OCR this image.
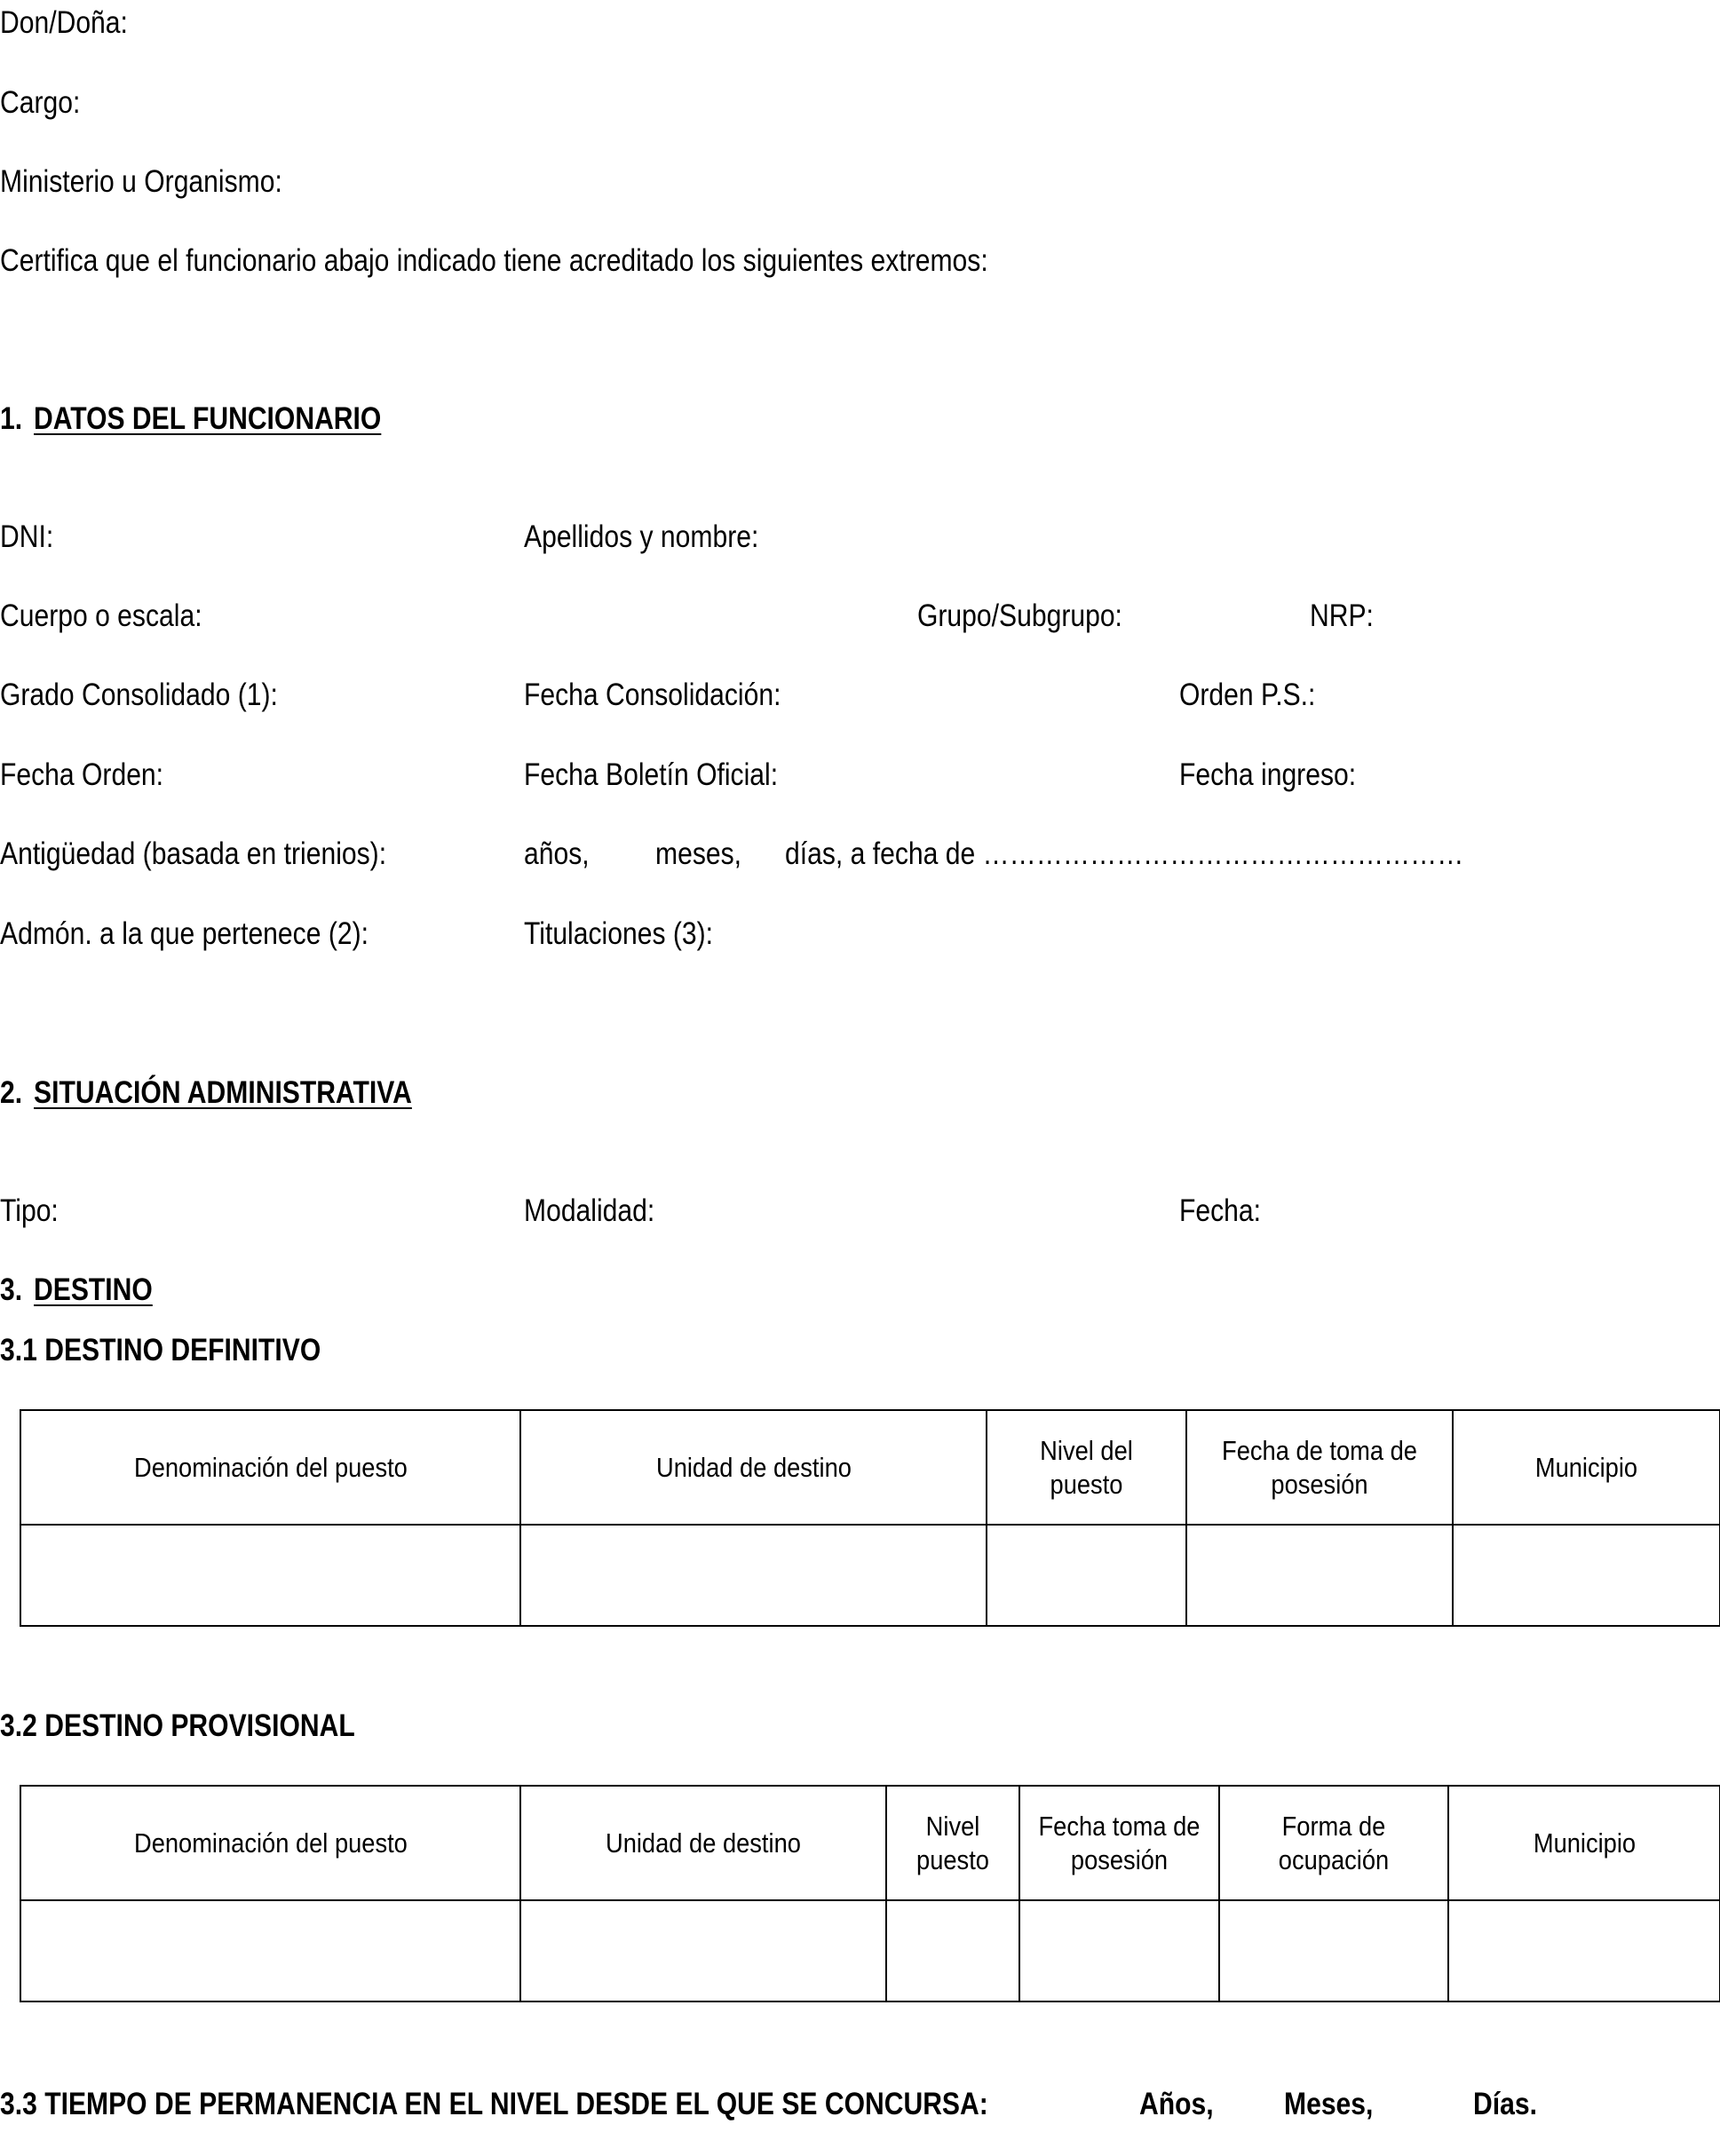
Don/Doña:
Cargo:
Ministerio u Organismo:
Certifica que el funcionario abajo indicado tiene acreditado los siguientes extremos:
1. DATOS DEL FUNCIONARIO
DNI:	Apellidos y nombre:
Cuerpo o escala:	Grupo/Subgrupo:	NRP:
Grado Consolidado (1):	Fecha Consolidación:	Orden P.S.:
Fecha Orden:	Fecha Boletín Oficial:	Fecha ingreso:
Antigüedad (basada en trienios):	años, meses, días, a fecha de ………………………………………………
Admón. a la que pertenece (2):	Titulaciones (3):
2. SITUACIÓN ADMINISTRATIVA
Tipo:	Modalidad:	Fecha:
3. DESTINO
3.1 DESTINO DEFINITIVO
Denominación del puesto	Unidad de destino	Nivel del puesto	Fecha de toma de posesión	Municipio

3.2 DESTINO PROVISIONAL
Denominación del puesto	Unidad de destino	Nivel puesto	Fecha toma de posesión	Forma de ocupación	Municipio

3.3 TIEMPO DE PERMANENCIA EN EL NIVEL DESDE EL QUE SE CONCURSA:	Años, Meses,	Días.
